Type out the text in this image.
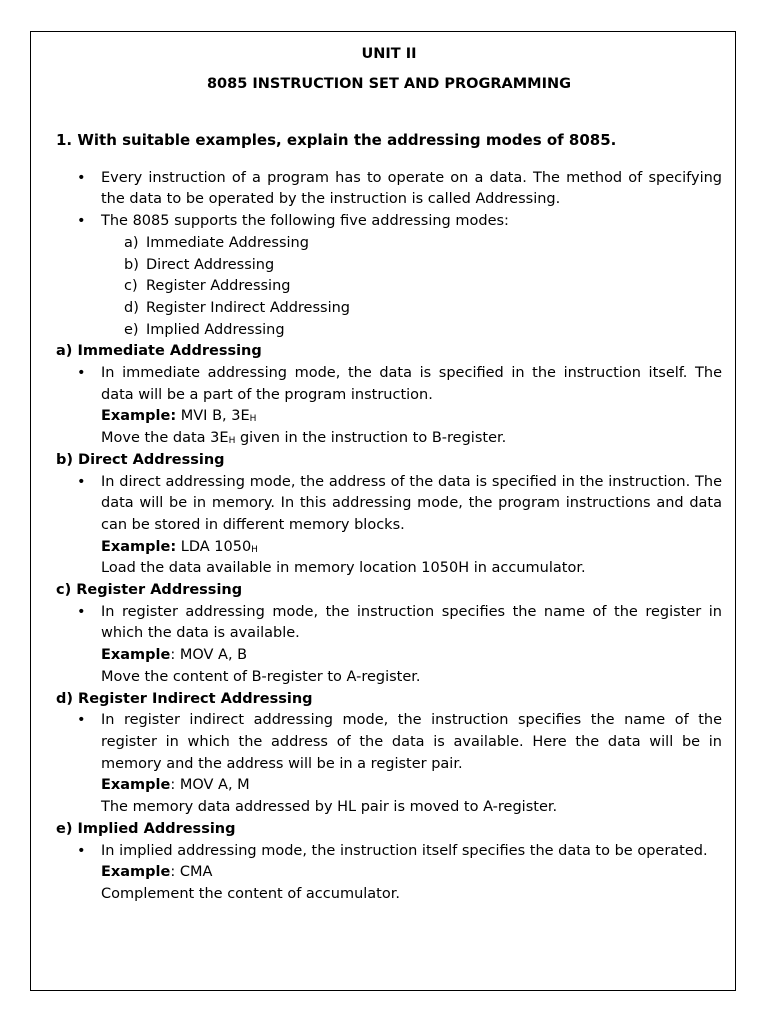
UNIT II
8085 INSTRUCTION SET AND PROGRAMMING
1. With suitable examples, explain the addressing modes of 8085.
• Every instruction of a program has to operate on a data. The method of specifying the data to be operated by the instruction is called Addressing.
• The 8085 supports the following five addressing modes:
a) Immediate Addressing
b) Direct Addressing
c) Register Addressing
d) Register Indirect Addressing
e) Implied Addressing
a) Immediate Addressing
• In immediate addressing mode, the data is specified in the instruction itself. The data will be a part of the program instruction.
Example: MVI B, $3E_H$
Move the data $3E_H$ given in the instruction to B-register.
b) Direct Addressing
• In direct addressing mode, the address of the data is specified in the instruction. The data will be in memory. In this addressing mode, the program instructions and data can be stored in different memory blocks.
Example: LDA $1050_H$
Load the data available in memory location 1050H in accumulator.
c) Register Addressing
• In register addressing mode, the instruction specifies the name of the register in which the data is available.
Example: MOV A, B
Move the content of B-register to A-register.
d) Register Indirect Addressing
• In register indirect addressing mode, the instruction specifies the name of the register in which the address of the data is available. Here the data will be in memory and the address will be in a register pair.
Example: MOV A, M
The memory data addressed by HL pair is moved to A-register.
e) Implied Addressing
• In implied addressing mode, the instruction itself specifies the data to be operated.
Example: CMA
Complement the content of accumulator.
